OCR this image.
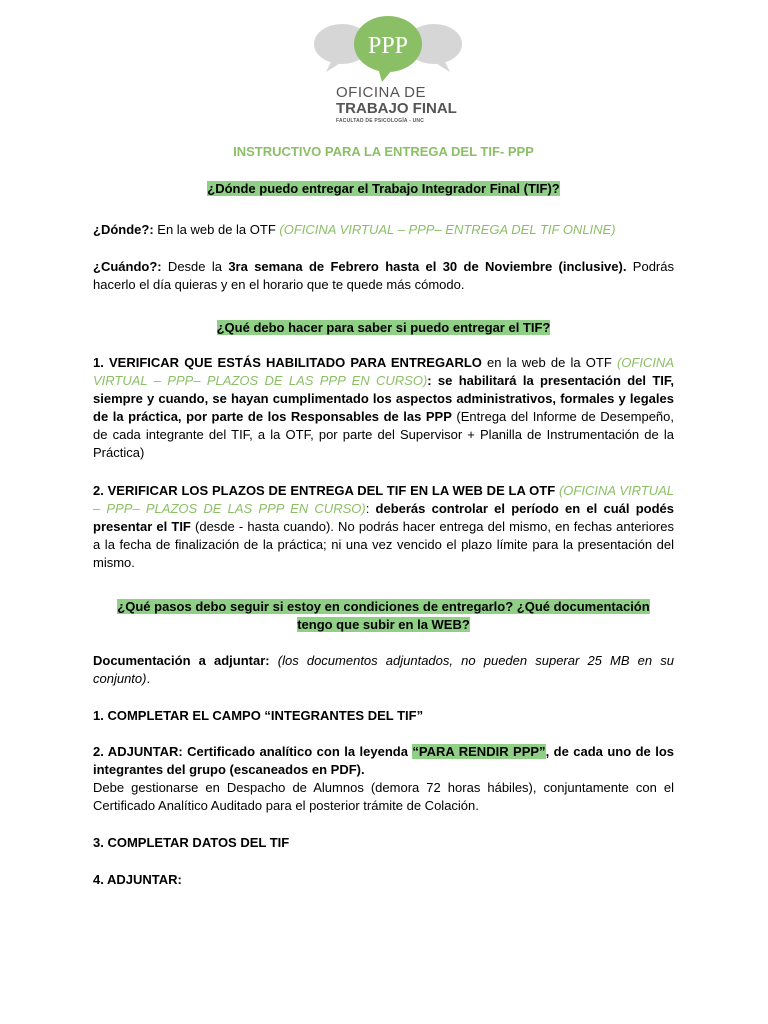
PPP
OFICINA DE
TRABAJO FINAL
FACULTAD DE PSICOLOGÍA - UNC
INSTRUCTIVO PARA LA ENTREGA DEL TIF- PPP
¿Dónde puedo entregar el Trabajo Integrador Final (TIF)?
¿Dónde?: En la web de la OTF (OFICINA VIRTUAL – PPP– ENTREGA DEL TIF ONLINE)
¿Cuándo?: Desde la 3ra semana de Febrero hasta el 30 de Noviembre (inclusive). Podrás hacerlo el día quieras y en el horario que te quede más cómodo.
¿Qué debo hacer para saber si puedo entregar el TIF?
1. VERIFICAR QUE ESTÁS HABILITADO PARA ENTREGARLO en la web de la OTF (OFICINA VIRTUAL – PPP– PLAZOS DE LAS PPP EN CURSO): se habilitará la presentación del TIF, siempre y cuando, se hayan cumplimentado los aspectos administrativos, formales y legales de la práctica, por parte de los Responsables de las PPP (Entrega del Informe de Desempeño, de cada integrante del TIF, a la OTF, por parte del Supervisor + Planilla de Instrumentación de la Práctica)
2. VERIFICAR LOS PLAZOS DE ENTREGA DEL TIF EN LA WEB DE LA OTF (OFICINA VIRTUAL – PPP– PLAZOS DE LAS PPP EN CURSO): deberás controlar el período en el cuál podés presentar el TIF (desde - hasta cuando). No podrás hacer entrega del mismo, en fechas anteriores a la fecha de finalización de la práctica; ni una vez vencido el plazo límite para la presentación del mismo.
¿Qué pasos debo seguir si estoy en condiciones de entregarlo? ¿Qué documentación
tengo que subir en la WEB?
Documentación a adjuntar: (los documentos adjuntados, no pueden superar 25 MB en su conjunto).
1. COMPLETAR EL CAMPO “INTEGRANTES DEL TIF”
2. ADJUNTAR: Certificado analítico con la leyenda “PARA RENDIR PPP”, de cada uno de los integrantes del grupo (escaneados en PDF).
Debe gestionarse en Despacho de Alumnos (demora 72 horas hábiles), conjuntamente con el Certificado Analítico Auditado para el posterior trámite de Colación.
3. COMPLETAR DATOS DEL TIF
4. ADJUNTAR:
